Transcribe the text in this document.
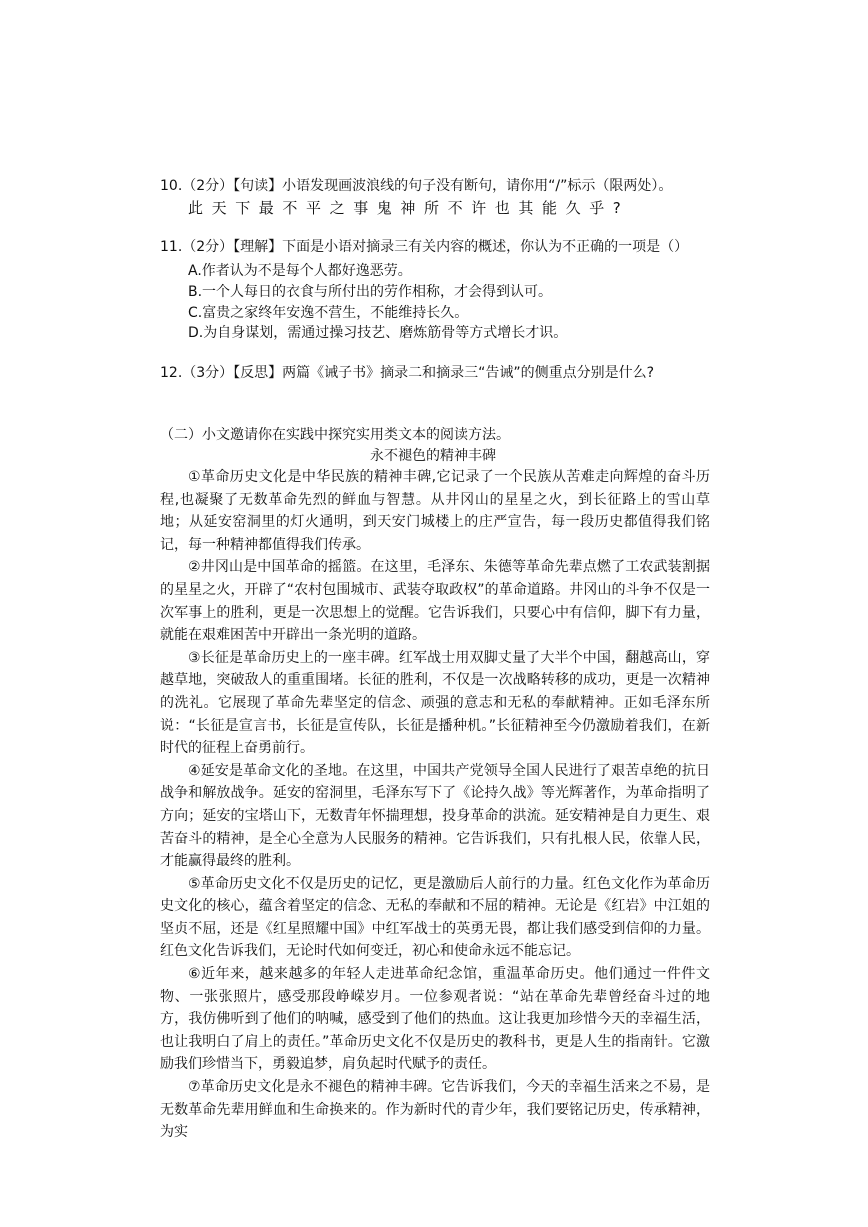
10.（2分）【句读】小语发现画波浪线的句子没有断句，请你用“/”标示（限两处）。
此天下最不平之事鬼神所不许也其能久乎?
11.（2分）【理解】下面是小语对摘录三有关内容的概述，你认为不正确的一项是（）
A.作者认为不是每个人都好逸恶劳。
B.一个人每日的衣食与所付出的劳作相称，才会得到认可。
C.富贵之家终年安逸不营生，不能维持长久。
D.为自身谋划，需通过操习技艺、磨炼筋骨等方式增长才识。
12.（3分）【反思】两篇《诫子书》摘录二和摘录三“告诫”的侧重点分别是什么?
（二）小文邀请你在实践中探究实用类文本的阅读方法。
永不褪色的精神丰碑

①革命历史文化是中华民族的精神丰碑,它记录了一个民族从苦难走向辉煌的奋斗历程,也凝聚了无数革命先烈的鲜血与智慧。从井冈山的星星之火，到长征路上的雪山草地；从延安窑洞里的灯火通明，到天安门城楼上的庄严宣告，每一段历史都值得我们铭记，每一种精神都值得我们传承。

②井冈山是中国革命的摇篮。在这里，毛泽东、朱德等革命先辈点燃了工农武装割据的星星之火，开辟了“农村包围城市、武装夺取政权”的革命道路。井冈山的斗争不仅是一次军事上的胜利，更是一次思想上的觉醒。它告诉我们，只要心中有信仰，脚下有力量，就能在艰难困苦中开辟出一条光明的道路。

③长征是革命历史上的一座丰碑。红军战士用双脚丈量了大半个中国，翻越高山，穿越草地，突破敌人的重重围堵。长征的胜利，不仅是一次战略转移的成功，更是一次精神的洗礼。它展现了革命先辈坚定的信念、顽强的意志和无私的奉献精神。正如毛泽东所说：“长征是宣言书，长征是宣传队，长征是播种机。”长征精神至今仍激励着我们，在新时代的征程上奋勇前行。

④延安是革命文化的圣地。在这里，中国共产党领导全国人民进行了艰苦卓绝的抗日战争和解放战争。延安的窑洞里，毛泽东写下了《论持久战》等光辉著作，为革命指明了方向；延安的宝塔山下，无数青年怀揣理想，投身革命的洪流。延安精神是自力更生、艰苦奋斗的精神，是全心全意为人民服务的精神。它告诉我们，只有扎根人民，依靠人民，才能赢得最终的胜利。

⑤革命历史文化不仅是历史的记忆，更是激励后人前行的力量。红色文化作为革命历史文化的核心，蕴含着坚定的信念、无私的奉献和不屈的精神。无论是《红岩》中江姐的坚贞不屈，还是《红星照耀中国》中红军战士的英勇无畏，都让我们感受到信仰的力量。红色文化告诉我们，无论时代如何变迁，初心和使命永远不能忘记。

⑥近年来，越来越多的年轻人走进革命纪念馆，重温革命历史。他们通过一件件文物、一张张照片，感受那段峥嵘岁月。一位参观者说：“站在革命先辈曾经奋斗过的地方，我仿佛听到了他们的呐喊，感受到了他们的热血。这让我更加珍惜今天的幸福生活，也让我明白了肩上的责任。”革命历史文化不仅是历史的教科书，更是人生的指南针。它激励我们珍惜当下，勇毅追梦，肩负起时代赋予的责任。

⑦革命历史文化是永不褪色的精神丰碑。它告诉我们，今天的幸福生活来之不易，是无数革命先辈用鲜血和生命换来的。作为新时代的青少年，我们要铭记历史，传承精神，为实
